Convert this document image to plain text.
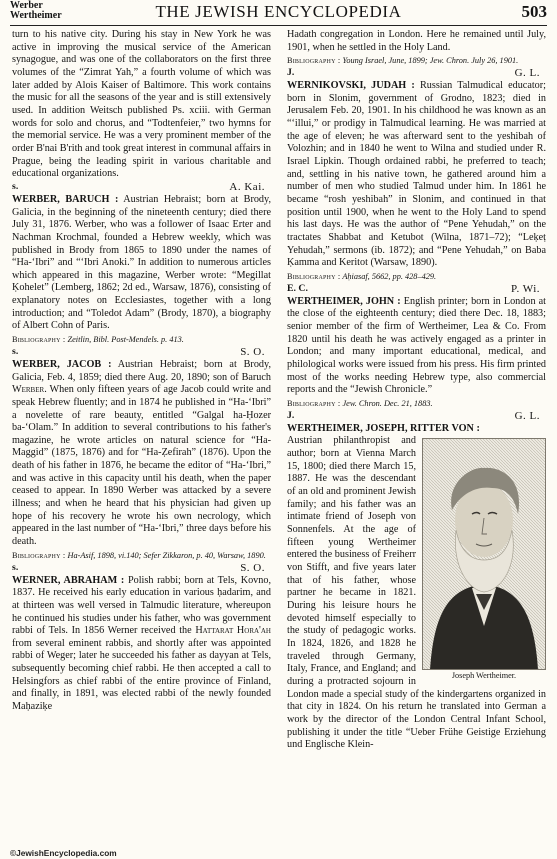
Werber
Wertheimer	THE JEWISH ENCYCLOPEDIA	503

turn to his native city. During his stay in New York he was active in improving the musical service of the American synagogue, and was one of the collaborators on the first three volumes of the “Zimrat Yah,” a fourth volume of which was later added by Alois Kaiser of Baltimore. This work contains the music for all the seasons of the year and is still extensively used. In addition Weitsch published Ps. xciii. with German words for solo and chorus, and “Todtenfeier,” two hymns for the memorial service. He was a very prominent member of the order B'nai B'rith and took great interest in communal affairs in Prague, being the leading spirit in various charitable and educational organizations.

s.	A. Kai.

WERBER, BARUCH : Austrian Hebraist; born at Brody, Galicia, in the beginning of the nineteenth century; died there July 31, 1876. Werber, who was a follower of Isaac Erter and Nachman Krochmal, founded a Hebrew weekly, which was published in Brody from 1865 to 1890 under the names of “Ha-‘Ibri” and “‘Ibri Anoki.” In addition to numerous articles which appeared in this magazine, Werber wrote: “Megillat Ḳohelet” (Lemberg, 1862; 2d ed., Warsaw, 1876), consisting of explanatory notes on Ecclesiastes, together with a long introduction; and “Toledot Adam” (Brody, 1870), a biography of Albert Cohn of Paris.

Bibliography : Zeitlin, Bibl. Post-Mendels. p. 413.
s.	S. O.

WERBER, JACOB : Austrian Hebraist; born at Brody, Galicia, Feb. 4, 1859; died there Aug. 20, 1890; son of Baruch Werber. When only fifteen years of age Jacob could write and speak Hebrew fluently; and in 1874 he published in “Ha-‘Ibri” a novelette of rare beauty, entitled “Galgal ha-Ḥozer ba-‘Olam.” In addition to several contributions to his father's magazine, he wrote articles on natural science for “Ha-Maggid” (1875, 1876) and for “Ha-Ẓefirah” (1876). Upon the death of his father in 1876, he became the editor of “Ha-‘Ibri,” and was active in this capacity until his death, when the paper ceased to appear. In 1890 Werber was attacked by a severe illness; and when he heard that his physician had given up hope of his recovery he wrote his own necrology, which appeared in the last number of “Ha-‘Ibri,” three days before his death.

Bibliography : Ha-Asif, 1898, vi.140; Sefer Zikkaron, p. 40, Warsaw, 1890.
s.	S. O.

WERNER, ABRAHAM : Polish rabbi; born at Tels, Kovno, 1837. He received his early education in various ḥadarim, and at thirteen was well versed in Talmudic literature, whereupon he continued his studies under his father, who was government rabbi of Tels. In 1856 Werner received the Hattarat Hora'ah from several eminent rabbis, and shortly after was appointed rabbi of Weger; later he succeeded his father as dayyan at Tels, subsequently becoming chief rabbi. He then accepted a call to Helsingfors as chief rabbi of the entire province of Finland, and finally, in 1891, was elected rabbi of the newly founded Maḥaziḳe

Hadath congregation in London. Here he remained until July, 1901, when he settled in the Holy Land.

Bibliography : Young Israel, June, 1899; Jew. Chron. July 26, 1901.
J.	G. L.

WERNIKOVSKI, JUDAH : Russian Talmudical educator; born in Slonim, government of Grodno, 1823; died in Jerusalem Feb. 20, 1901. In his childhood he was known as an “‘illui,” or prodigy in Talmudical learning. He was married at the age of eleven; he was afterward sent to the yeshibah of Volozhin; and in 1840 he went to Wilna and studied under R. Israel Lipkin. Though ordained rabbi, he preferred to teach; and, settling in his native town, he gathered around him a number of men who studied Talmud under him. In 1861 he became “rosh yeshibah” in Slonim, and continued in that position until 1900, when he went to the Holy Land to spend his last days. He was the author of “Pene Yehudah,” on the tractates Shabbat and Ketubot (Wilna, 1871–72); “Leḳeṭ Yehudah,” sermons (ib. 1872); and “Pene Yehudah,” on Baba Ḳamma and Keritot (Warsaw, 1890).

Bibliography : Aḥiasaf, 5662, pp. 428–429.
E. C.	P. Wi.

WERTHEIMER, JOHN : English printer; born in London at the close of the eighteenth century; died there Dec. 18, 1883; senior member of the firm of Wertheimer, Lea & Co. From 1820 until his death he was actively engaged as a printer in London; and many important educational, medical, and philological works were issued from his press. His firm printed most of the works needing Hebrew type, also commercial reports and the “Jewish Chronicle.”

Bibliography : Jew. Chron. Dec. 21, 1883.
J.	G. L.

WERTHEIMER, JOSEPH, RITTER VON :

Joseph Wertheimer.

Austrian philanthropist and author; born at Vienna March 15, 1800; died there March 15, 1887. He was the descendant of an old and prominent Jewish family; and his father was an intimate friend of Joseph von Sonnenfels. At the age of fifteen young Wertheimer entered the business of Freiherr von Stifft, and five years later that of his father, whose partner he became in 1821. During his leisure hours he devoted himself especially to the study of pedagogic works. In 1824, 1826, and 1828 he traveled through Germany, Italy, France, and England; and during a protracted sojourn in London made a special study of the kindergartens organized in that city in 1824. On his return he translated into German a work by the director of the London Central Infant School, publishing it under the title “Ueber Frühe Geistige Erziehung und Englische Klein-

©JewishEncyclopedia.com
